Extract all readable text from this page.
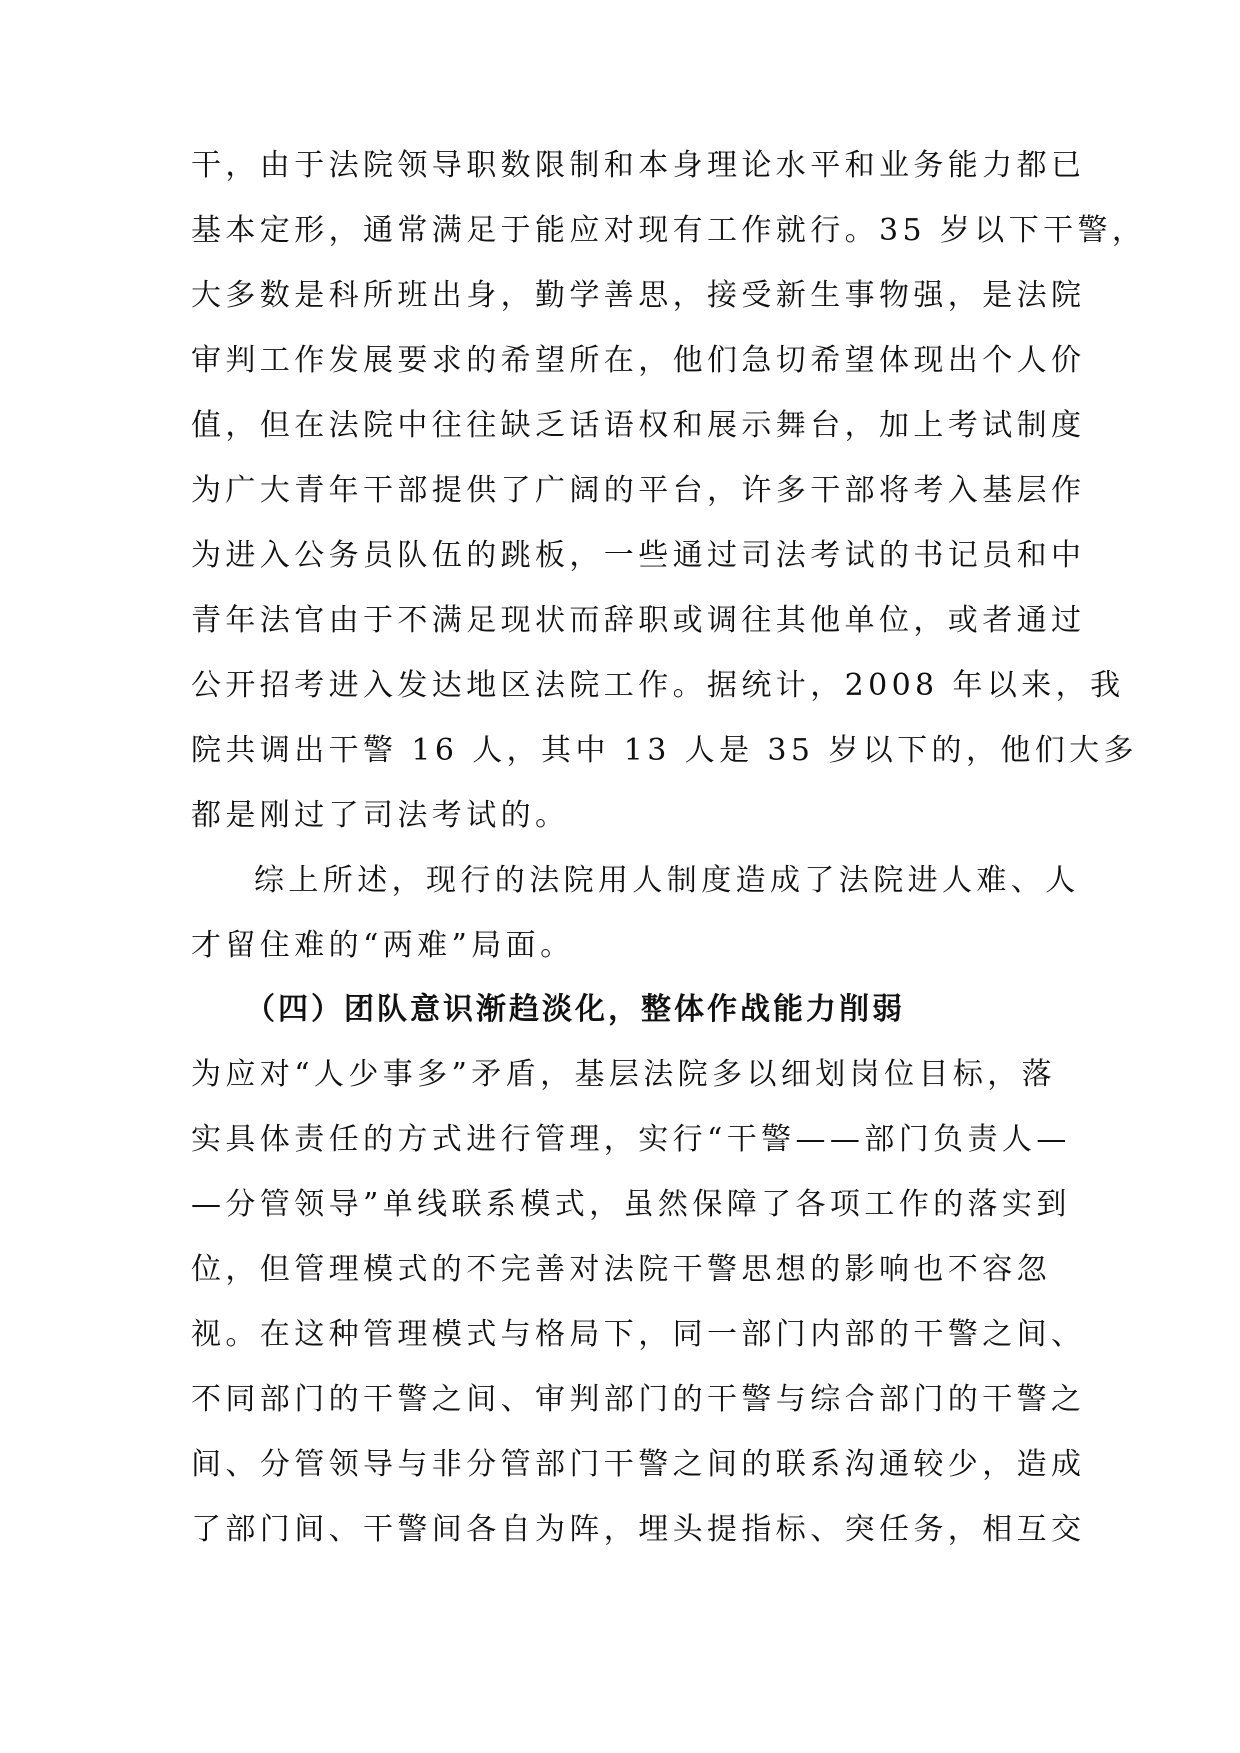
干，由于法院领导职数限制和本身理论水平和业务能力都已
基本定形，通常满足于能应对现有工作就行。35 岁以下干警，
大多数是科所班出身，勤学善思，接受新生事物强，是法院
审判工作发展要求的希望所在，他们急切希望体现出个人价
值，但在法院中往往缺乏话语权和展示舞台，加上考试制度
为广大青年干部提供了广阔的平台，许多干部将考入基层作
为进入公务员队伍的跳板，一些通过司法考试的书记员和中
青年法官由于不满足现状而辞职或调往其他单位，或者通过
公开招考进入发达地区法院工作。据统计，2008 年以来，我
院共调出干警 16 人，其中 13 人是 35 岁以下的，他们大多
都是刚过了司法考试的。
综上所述，现行的法院用人制度造成了法院进人难、人
才留住难的“两难”局面。
（四）团队意识渐趋淡化，整体作战能力削弱
为应对“人少事多”矛盾，基层法院多以细划岗位目标，落
实具体责任的方式进行管理，实行“干警——部门负责人—
—分管领导”单线联系模式，虽然保障了各项工作的落实到
位，但管理模式的不完善对法院干警思想的影响也不容忽
视。在这种管理模式与格局下，同一部门内部的干警之间、
不同部门的干警之间、审判部门的干警与综合部门的干警之
间、分管领导与非分管部门干警之间的联系沟通较少，造成
了部门间、干警间各自为阵，埋头提指标、突任务，相互交
